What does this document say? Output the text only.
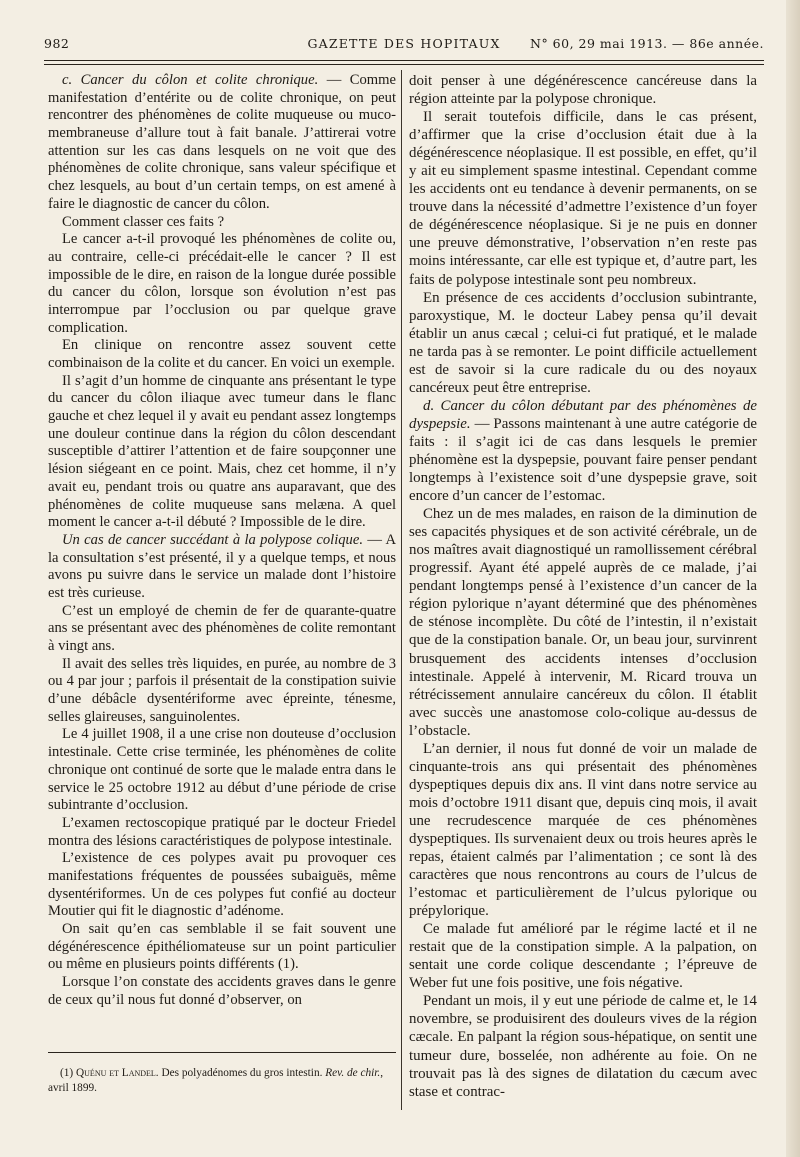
982	GAZETTE DES HOPITAUX	N° 60, 29 mai 1913. — 86e année.

c. Cancer du côlon et colite chronique. — Comme manifestation d’entérite ou de colite chronique, on peut rencontrer des phénomènes de colite muqueuse ou muco-membraneuse d’allure tout à fait banale. J’attirerai votre attention sur les cas dans lesquels on ne voit que des phénomènes de colite chronique, sans valeur spécifique et chez lesquels, au bout d’un certain temps, on est amené à faire le diagnostic de cancer du côlon.

Comment classer ces faits ?

Le cancer a-t-il provoqué les phénomènes de colite ou, au contraire, celle-ci précédait-elle le cancer ? Il est impossible de le dire, en raison de la longue durée possible du cancer du côlon, lorsque son évolution n’est pas interrompue par l’occlusion ou par quelque grave complication.

En clinique on rencontre assez souvent cette combinaison de la colite et du cancer. En voici un exemple.

Il s’agit d’un homme de cinquante ans présentant le type du cancer du côlon iliaque avec tumeur dans le flanc gauche et chez lequel il y avait eu pendant assez longtemps une douleur continue dans la région du côlon descendant susceptible d’attirer l’attention et de faire soupçonner une lésion siégeant en ce point. Mais, chez cet homme, il n’y avait eu, pendant trois ou quatre ans auparavant, que des phénomènes de colite muqueuse sans melæna. A quel moment le cancer a-t-il débuté ? Impossible de le dire.

Un cas de cancer succédant à la polypose colique. — A la consultation s’est présenté, il y a quelque temps, et nous avons pu suivre dans le service un malade dont l’histoire est très curieuse.

C’est un employé de chemin de fer de quarante-quatre ans se présentant avec des phénomènes de colite remontant à vingt ans.

Il avait des selles très liquides, en purée, au nombre de 3 ou 4 par jour ; parfois il présentait de la constipation suivie d’une débâcle dysentériforme avec épreinte, ténesme, selles glaireuses, sanguinolentes.

Le 4 juillet 1908, il a une crise non douteuse d’occlusion intestinale. Cette crise terminée, les phénomènes de colite chronique ont continué de sorte que le malade entra dans le service le 25 octobre 1912 au début d’une période de crise subintrante d’occlusion.

L’examen rectoscopique pratiqué par le docteur Friedel montra des lésions caractéristiques de polypose intestinale.

L’existence de ces polypes avait pu provoquer ces manifestations fréquentes de poussées subaiguës, même dysentériformes. Un de ces polypes fut confié au docteur Moutier qui fit le diagnostic d’adénome.

On sait qu’en cas semblable il se fait souvent une dégénérescence épithéliomateuse sur un point particulier ou même en plusieurs points différents (1).

Lorsque l’on constate des accidents graves dans le genre de ceux qu’il nous fut donné d’observer, on

doit penser à une dégénérescence cancéreuse dans la région atteinte par la polypose chronique.

Il serait toutefois difficile, dans le cas présent, d’affirmer que la crise d’occlusion était due à la dégénérescence néoplasique. Il est possible, en effet, qu’il y ait eu simplement spasme intestinal. Cependant comme les accidents ont eu tendance à devenir permanents, on se trouve dans la nécessité d’admettre l’existence d’un foyer de dégénérescence néoplasique. Si je ne puis en donner une preuve démonstrative, l’observation n’en reste pas moins intéressante, car elle est typique et, d’autre part, les faits de polypose intestinale sont peu nombreux.

En présence de ces accidents d’occlusion subintrante, paroxystique, M. le docteur Labey pensa qu’il devait établir un anus cæcal ; celui-ci fut pratiqué, et le malade ne tarda pas à se remonter. Le point difficile actuellement est de savoir si la cure radicale du ou des noyaux cancéreux peut être entreprise.

d. Cancer du côlon débutant par des phénomènes de dyspepsie. — Passons maintenant à une autre catégorie de faits : il s’agit ici de cas dans lesquels le premier phénomène est la dyspepsie, pouvant faire penser pendant longtemps à l’existence soit d’une dyspepsie grave, soit encore d’un cancer de l’estomac.

Chez un de mes malades, en raison de la diminution de ses capacités physiques et de son activité cérébrale, un de nos maîtres avait diagnostiqué un ramollissement cérébral progressif. Ayant été appelé auprès de ce malade, j’ai pendant longtemps pensé à l’existence d’un cancer de la région pylorique n’ayant déterminé que des phénomènes de sténose incomplète. Du côté de l’intestin, il n’existait que de la constipation banale. Or, un beau jour, survinrent brusquement des accidents intenses d’occlusion intestinale. Appelé à intervenir, M. Ricard trouva un rétrécissement annulaire cancéreux du côlon. Il établit avec succès une anastomose colo-colique au-dessus de l’obstacle.

L’an dernier, il nous fut donné de voir un malade de cinquante-trois ans qui présentait des phénomènes dyspeptiques depuis dix ans. Il vint dans notre service au mois d’octobre 1911 disant que, depuis cinq mois, il avait une recrudescence marquée de ces phénomènes dyspeptiques. Ils survenaient deux ou trois heures après le repas, étaient calmés par l’alimentation ; ce sont là des caractères que nous rencontrons au cours de l’ulcus de l’estomac et particulièrement de l’ulcus pylorique ou prépylorique.

Ce malade fut amélioré par le régime lacté et il ne restait que de la constipation simple. A la palpation, on sentait une corde colique descendante ; l’épreuve de Weber fut une fois positive, une fois négative.

Pendant un mois, il y eut une période de calme et, le 14 novembre, se produisirent des douleurs vives de la région cæcale. En palpant la région sous-hépatique, on sentit une tumeur dure, bosselée, non adhérente au foie. On ne trouvait pas là des signes de dilatation du cæcum avec stase et contrac-

(1) Quénu et Landel. Des polyadénomes du gros intestin. Rev. de chir., avril 1899.
